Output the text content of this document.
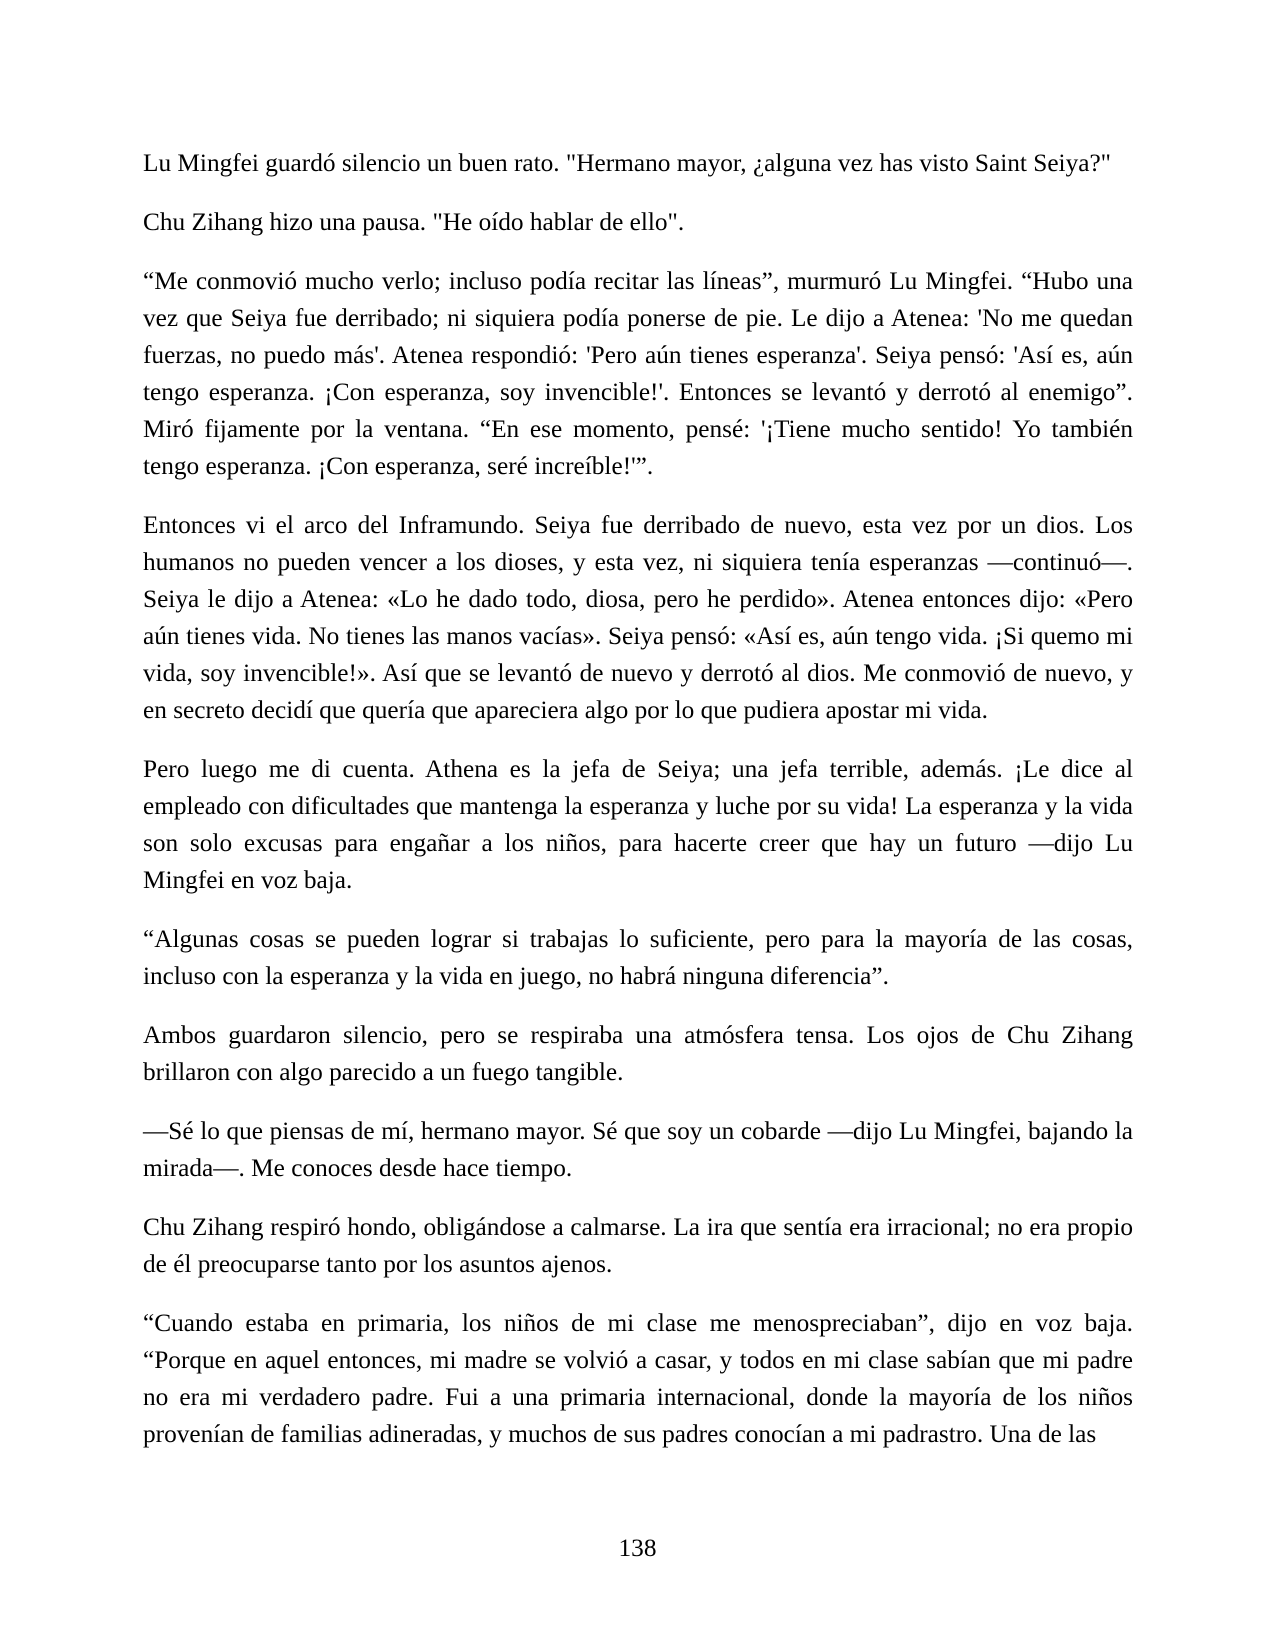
Lu Mingfei guardó silencio un buen rato. "Hermano mayor, ¿alguna vez has visto Saint Seiya?"

Chu Zihang hizo una pausa. "He oído hablar de ello".

“Me conmovió mucho verlo; incluso podía recitar las líneas”, murmuró Lu Mingfei. “Hubo una vez que Seiya fue derribado; ni siquiera podía ponerse de pie. Le dijo a Atenea: 'No me quedan fuerzas, no puedo más'. Atenea respondió: 'Pero aún tienes esperanza'. Seiya pensó: 'Así es, aún tengo esperanza. ¡Con esperanza, soy invencible!'. Entonces se levantó y derrotó al enemigo”. Miró fijamente por la ventana. “En ese momento, pensé: '¡Tiene mucho sentido! Yo también tengo esperanza. ¡Con esperanza, seré increíble!'”.

Entonces vi el arco del Inframundo. Seiya fue derribado de nuevo, esta vez por un dios. Los humanos no pueden vencer a los dioses, y esta vez, ni siquiera tenía esperanzas —continuó—. Seiya le dijo a Atenea: «Lo he dado todo, diosa, pero he perdido». Atenea entonces dijo: «Pero aún tienes vida. No tienes las manos vacías». Seiya pensó: «Así es, aún tengo vida. ¡Si quemo mi vida, soy invencible!». Así que se levantó de nuevo y derrotó al dios. Me conmovió de nuevo, y en secreto decidí que quería que apareciera algo por lo que pudiera apostar mi vida.

Pero luego me di cuenta. Athena es la jefa de Seiya; una jefa terrible, además. ¡Le dice al empleado con dificultades que mantenga la esperanza y luche por su vida! La esperanza y la vida son solo excusas para engañar a los niños, para hacerte creer que hay un futuro —dijo Lu Mingfei en voz baja.

“Algunas cosas se pueden lograr si trabajas lo suficiente, pero para la mayoría de las cosas, incluso con la esperanza y la vida en juego, no habrá ninguna diferencia”.

Ambos guardaron silencio, pero se respiraba una atmósfera tensa. Los ojos de Chu Zihang brillaron con algo parecido a un fuego tangible.

—Sé lo que piensas de mí, hermano mayor. Sé que soy un cobarde —dijo Lu Mingfei, bajando la mirada—. Me conoces desde hace tiempo.

Chu Zihang respiró hondo, obligándose a calmarse. La ira que sentía era irracional; no era propio de él preocuparse tanto por los asuntos ajenos.

“Cuando estaba en primaria, los niños de mi clase me menospreciaban”, dijo en voz baja. “Porque en aquel entonces, mi madre se volvió a casar, y todos en mi clase sabían que mi padre no era mi verdadero padre. Fui a una primaria internacional, donde la mayoría de los niños provenían de familias adineradas, y muchos de sus padres conocían a mi padrastro. Una de las

138
